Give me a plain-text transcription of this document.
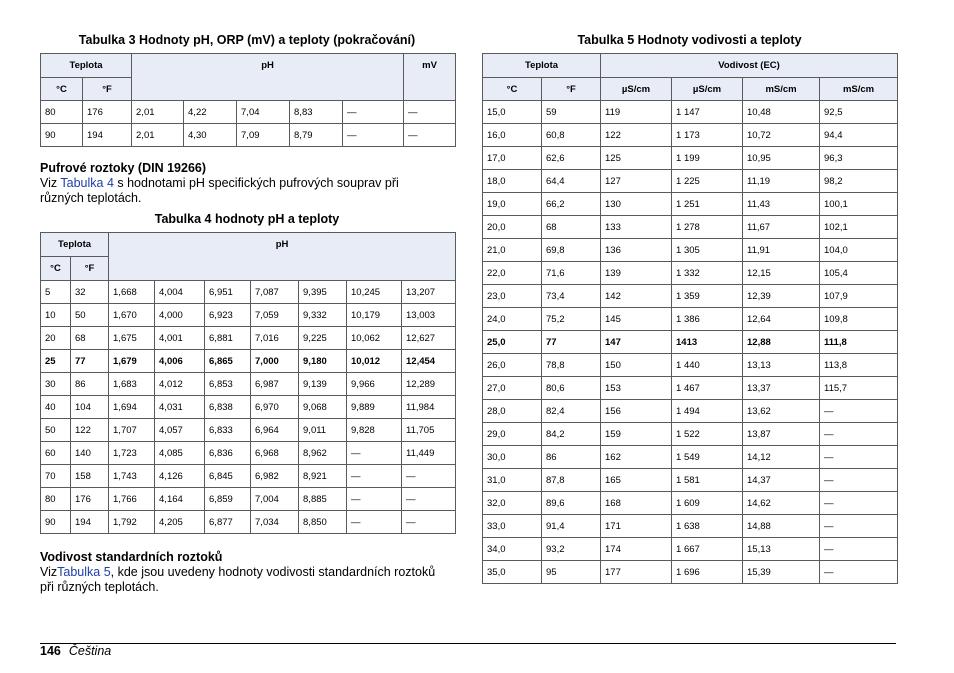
Tabulka 3 Hodnoty pH, ORP (mV) a teploty (pokračování)
Teplota		pH					mV
°C	°F						
80	176	2,01	4,22	7,04	8,83	—	—
90	194	2,01	4,30	7,09	8,79	—	—
Pufrové roztoky (DIN 19266)
Viz Tabulka 4 s hodnotami pH specifických pufrových souprav při různých teplotách.
Tabulka 4 hodnoty pH a teploty
Teplota		pH						
°C	°F							
5	32	1,668	4,004	6,951	7,087	9,395	10,245	13,207
10	50	1,670	4,000	6,923	7,059	9,332	10,179	13,003
20	68	1,675	4,001	6,881	7,016	9,225	10,062	12,627
25	77	1,679	4,006	6,865	7,000	9,180	10,012	12,454
30	86	1,683	4,012	6,853	6,987	9,139	9,966	12,289
40	104	1,694	4,031	6,838	6,970	9,068	9,889	11,984
50	122	1,707	4,057	6,833	6,964	9,011	9,828	11,705
60	140	1,723	4,085	6,836	6,968	8,962	—	11,449
70	158	1,743	4,126	6,845	6,982	8,921	—	—
80	176	1,766	4,164	6,859	7,004	8,885	—	—
90	194	1,792	4,205	6,877	7,034	8,850	—	—
Vodivost standardních roztoků
VizTabulka 5, kde jsou uvedeny hodnoty vodivosti standardních roztoků při různých teplotách.
Tabulka 5 Hodnoty vodivosti a teploty
Teplota		Vodivost (EC)			
°C	°F	µS/cm	µS/cm	mS/cm	mS/cm
15,0	59	119	1 147	10,48	92,5
16,0	60,8	122	1 173	10,72	94,4
17,0	62,6	125	1 199	10,95	96,3
18,0	64,4	127	1 225	11,19	98,2
19,0	66,2	130	1 251	11,43	100,1
20,0	68	133	1 278	11,67	102,1
21,0	69,8	136	1 305	11,91	104,0
22,0	71,6	139	1 332	12,15	105,4
23,0	73,4	142	1 359	12,39	107,9
24,0	75,2	145	1 386	12,64	109,8
25,0	77	147	1413	12,88	111,8
26,0	78,8	150	1 440	13,13	113,8
27,0	80,6	153	1 467	13,37	115,7
28,0	82,4	156	1 494	13,62	—
29,0	84,2	159	1 522	13,87	—
30,0	86	162	1 549	14,12	—
31,0	87,8	165	1 581	14,37	—
32,0	89,6	168	1 609	14,62	—
33,0	91,4	171	1 638	14,88	—
34,0	93,2	174	1 667	15,13	—
35,0	95	177	1 696	15,39	—
146 Čeština
